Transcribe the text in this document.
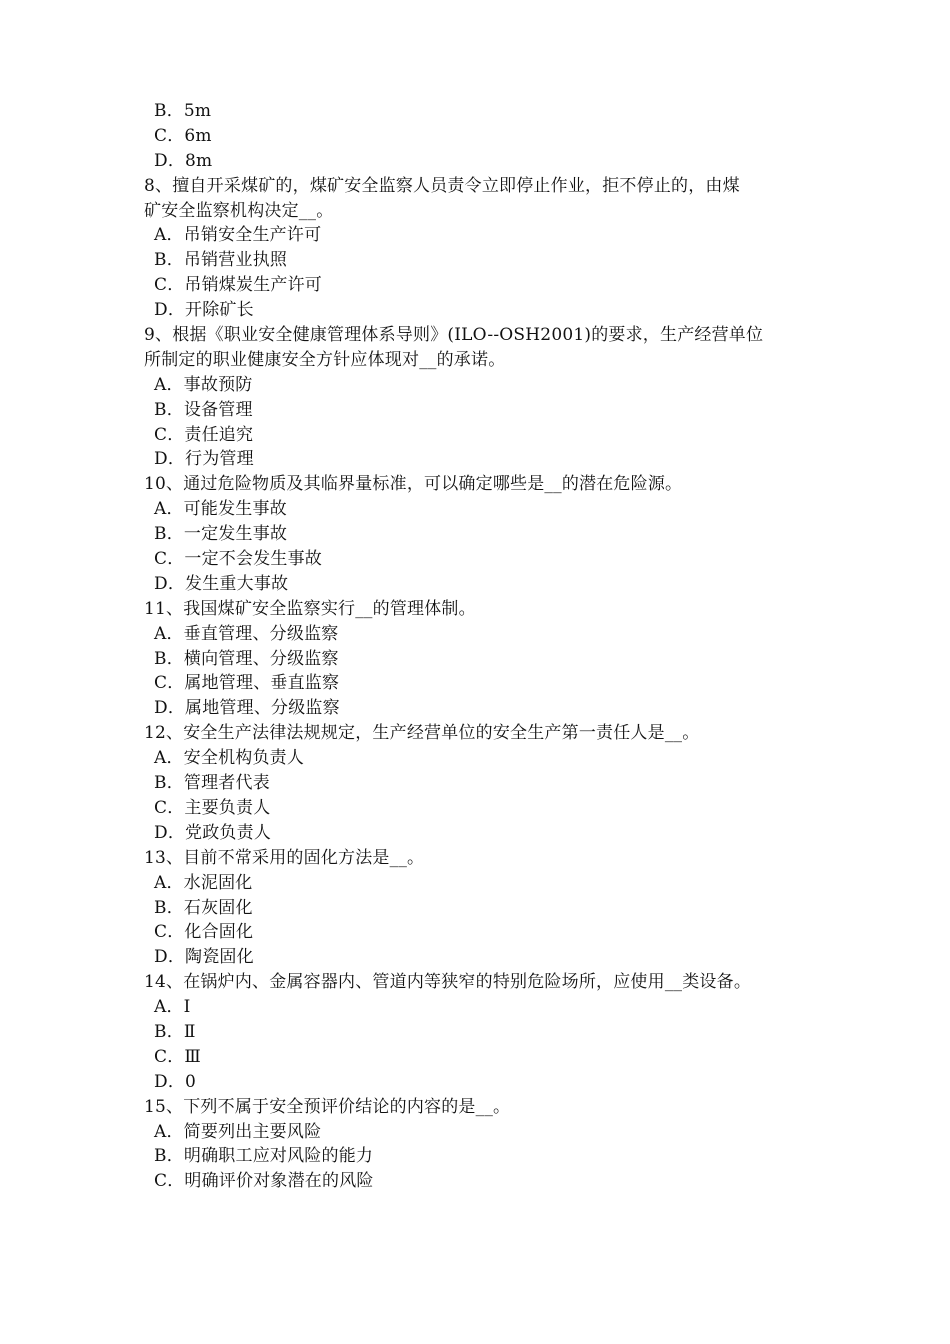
B．5m
C．6m
D．8m
8、擅自开采煤矿的，煤矿安全监察人员责令立即停止作业，拒不停止的，由煤
矿安全监察机构决定__。
A．吊销安全生产许可
B．吊销营业执照
C．吊销煤炭生产许可
D．开除矿长
9、根据《职业安全健康管理体系导则》(ILO--OSH2001)的要求，生产经营单位
所制定的职业健康安全方针应体现对__的承诺。
A．事故预防
B．设备管理
C．责任追究
D．行为管理
10、通过危险物质及其临界量标准，可以确定哪些是__的潜在危险源。
A．可能发生事故
B．一定发生事故
C．一定不会发生事故
D．发生重大事故
11、我国煤矿安全监察实行__的管理体制。
A．垂直管理、分级监察
B．横向管理、分级监察
C．属地管理、垂直监察
D．属地管理、分级监察
12、安全生产法律法规规定，生产经营单位的安全生产第一责任人是__。
A．安全机构负责人
B．管理者代表
C．主要负责人
D．党政负责人
13、目前不常采用的固化方法是__。
A．水泥固化
B．石灰固化
C．化合固化
D．陶瓷固化
14、在锅炉内、金属容器内、管道内等狭窄的特别危险场所，应使用__类设备。
A．Ⅰ
B．Ⅱ
C．Ⅲ
D．0
15、下列不属于安全预评价结论的内容的是__。
A．简要列出主要风险
B．明确职工应对风险的能力
C．明确评价对象潜在的风险
